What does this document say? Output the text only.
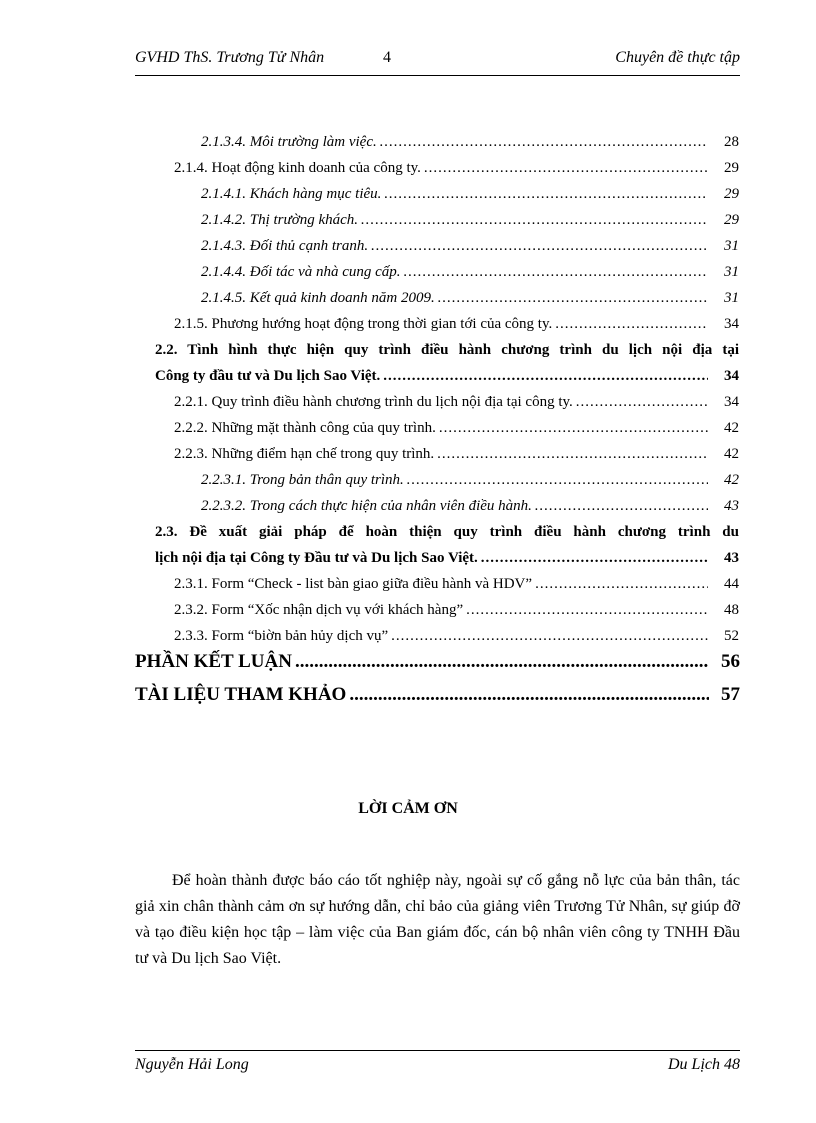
GVHD ThS. Trương Tử Nhân	4	Chuyên đề thực tập
2.1.3.4. Môi trường làm việc. .....	28
2.1.4. Hoạt động kinh doanh của công ty. .....	29
2.1.4.1. Khách hàng mục tiêu. .....	29
2.1.4.2. Thị trường khách. .....	29
2.1.4.3. Đối thủ cạnh tranh. .....	31
2.1.4.4. Đối tác và nhà cung cấp. .....	31
2.1.4.5. Kết quả kinh doanh năm 2009. .....	31
2.1.5. Phương hướng hoạt động trong thời gian tới của công ty. .....	34
2.2. Tình hình thực hiện quy trình điều hành chương trình du lịch nội địa tại
Công ty đầu tư và Du lịch Sao Việt. .....	34
2.2.1. Quy trình điều hành chương trình du lịch nội địa tại công ty. .....	34
2.2.2. Những mặt thành công của quy trình. .....	42
2.2.3. Những điểm hạn chế trong quy trình. .....	42
2.2.3.1. Trong bản thân quy trình. .....	42
2.2.3.2. Trong cách thực hiện của nhân viên điều hành. .....	43
2.3. Đề xuất giải pháp để hoàn thiện quy trình điều hành chương trình du
lịch nội địa tại Công ty Đầu tư và Du lịch Sao Việt. .....	43
2.3.1. Form “Check - list bàn giao giữa điều hành và HDV” .....	44
2.3.2. Form “Xốc nhận dịch vụ với khách hàng” .....	48
2.3.3. Form “biờn bản hủy dịch vụ” .....	52
PHẦN KẾT LUẬN .....	56
TÀI LIỆU THAM KHẢO .....	57
LỜI CẢM ƠN

Để hoàn thành được báo cáo tốt nghiệp này, ngoài sự cố gắng nỗ lực của bản thân, tác giả xin chân thành cảm ơn sự hướng dẫn, chỉ bảo của giảng viên Trương Tử Nhân, sự giúp đỡ và tạo điều kiện học tập – làm việc của Ban giám đốc, cán bộ nhân viên công ty TNHH Đầu tư và Du lịch Sao Việt.

Nguyễn Hải Long	Du Lịch 48
